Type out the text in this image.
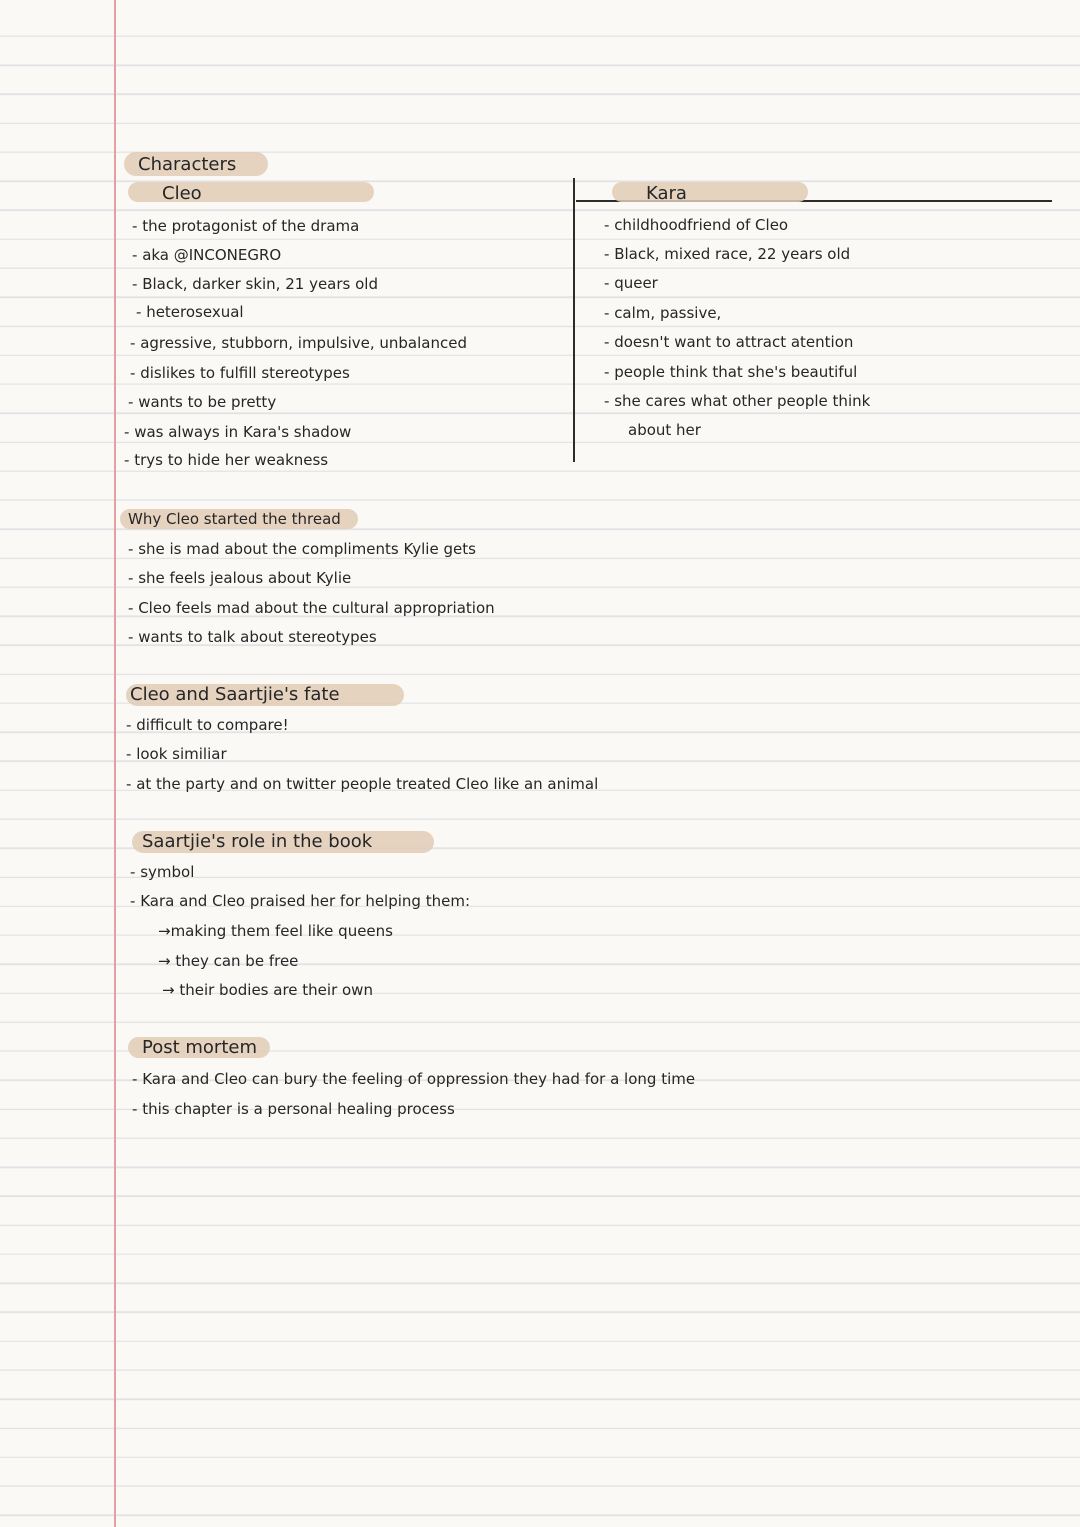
Characters
Cleo	Kara
- the protagonist of the drama
- aka @INCONEGRO
- Black, darker skin, 21 years old
- heterosexual
- agressive, stubborn, impulsive, unbalanced
- dislikes to fulfill stereotypes
- wants to be pretty
- was always in Kara's shadow
- trys to hide her weakness
- childhoodfriend of Cleo
- Black, mixed race, 22 years old
- queer
- calm, passive,
- doesn't want to attract atention
- people think that she's beautiful
- she cares what other people think
about her
Why Cleo started the thread
- she is mad about the compliments Kylie gets
- she feels jealous about Kylie
- Cleo feels mad about the cultural appropriation
- wants to talk about stereotypes
Cleo and Saartjie's fate
- difficult to compare!
- look similiar
- at the party and on twitter people treated Cleo like an animal
Saartjie's role in the book
- symbol
- Kara and Cleo praised her for helping them:
→making them feel like queens
→ they can be free
→ their bodies are their own
Post mortem
- Kara and Cleo can bury the feeling of oppression they had for a long time
- this chapter is a personal healing process
